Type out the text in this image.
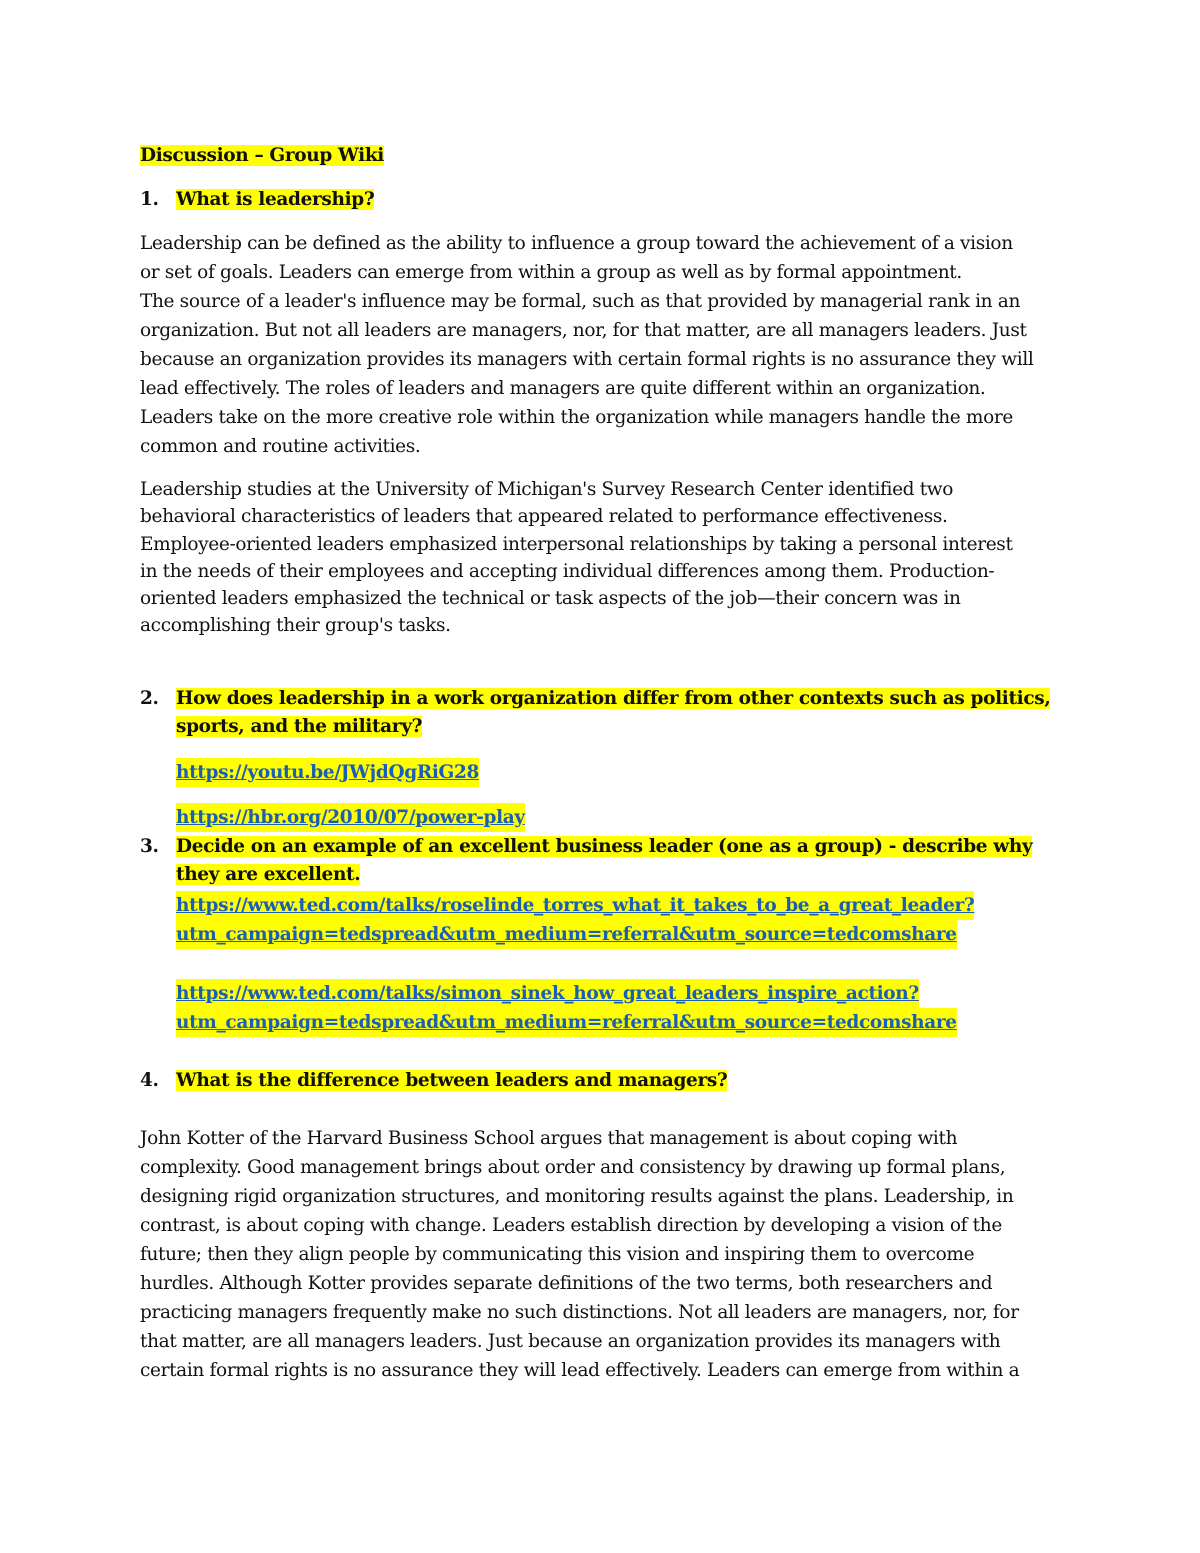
Discussion – Group Wiki
1. What is leadership?

Leadership can be defined as the ability to influence a group toward the achievement of a vision
or set of goals. Leaders can emerge from within a group as well as by formal appointment.
The source of a leader's influence may be formal, such as that provided by managerial rank in an
organization. But not all leaders are managers, nor, for that matter, are all managers leaders. Just
because an organization provides its managers with certain formal rights is no assurance they will
lead effectively. The roles of leaders and managers are quite different within an organization.
Leaders take on the more creative role within the organization while managers handle the more
common and routine activities.

Leadership studies at the University of Michigan's Survey Research Center identified two
behavioral characteristics of leaders that appeared related to performance effectiveness.
Employee-oriented leaders emphasized interpersonal relationships by taking a personal interest
in the needs of their employees and accepting individual differences among them. Production-
oriented leaders emphasized the technical or task aspects of the job—their concern was in
accomplishing their group's tasks.

2. How does leadership in a work organization differ from other contexts such as politics,
sports, and the military?
https://youtu.be/JWjdQgRiG28
https://hbr.org/2010/07/power-play
3. Decide on an example of an excellent business leader (one as a group) - describe why
they are excellent.
https://www.ted.com/talks/roselinde_torres_what_it_takes_to_be_a_great_leader?
utm_campaign=tedspread&utm_medium=referral&utm_source=tedcomshare
https://www.ted.com/talks/simon_sinek_how_great_leaders_inspire_action?
utm_campaign=tedspread&utm_medium=referral&utm_source=tedcomshare
4. What is the difference between leaders and managers?

John Kotter of the Harvard Business School argues that management is about coping with
complexity. Good management brings about order and consistency by drawing up formal plans,
designing rigid organization structures, and monitoring results against the plans. Leadership, in
contrast, is about coping with change. Leaders establish direction by developing a vision of the
future; then they align people by communicating this vision and inspiring them to overcome
hurdles. Although Kotter provides separate definitions of the two terms, both researchers and
practicing managers frequently make no such distinctions. Not all leaders are managers, nor, for
that matter, are all managers leaders. Just because an organization provides its managers with
certain formal rights is no assurance they will lead effectively. Leaders can emerge from within a
